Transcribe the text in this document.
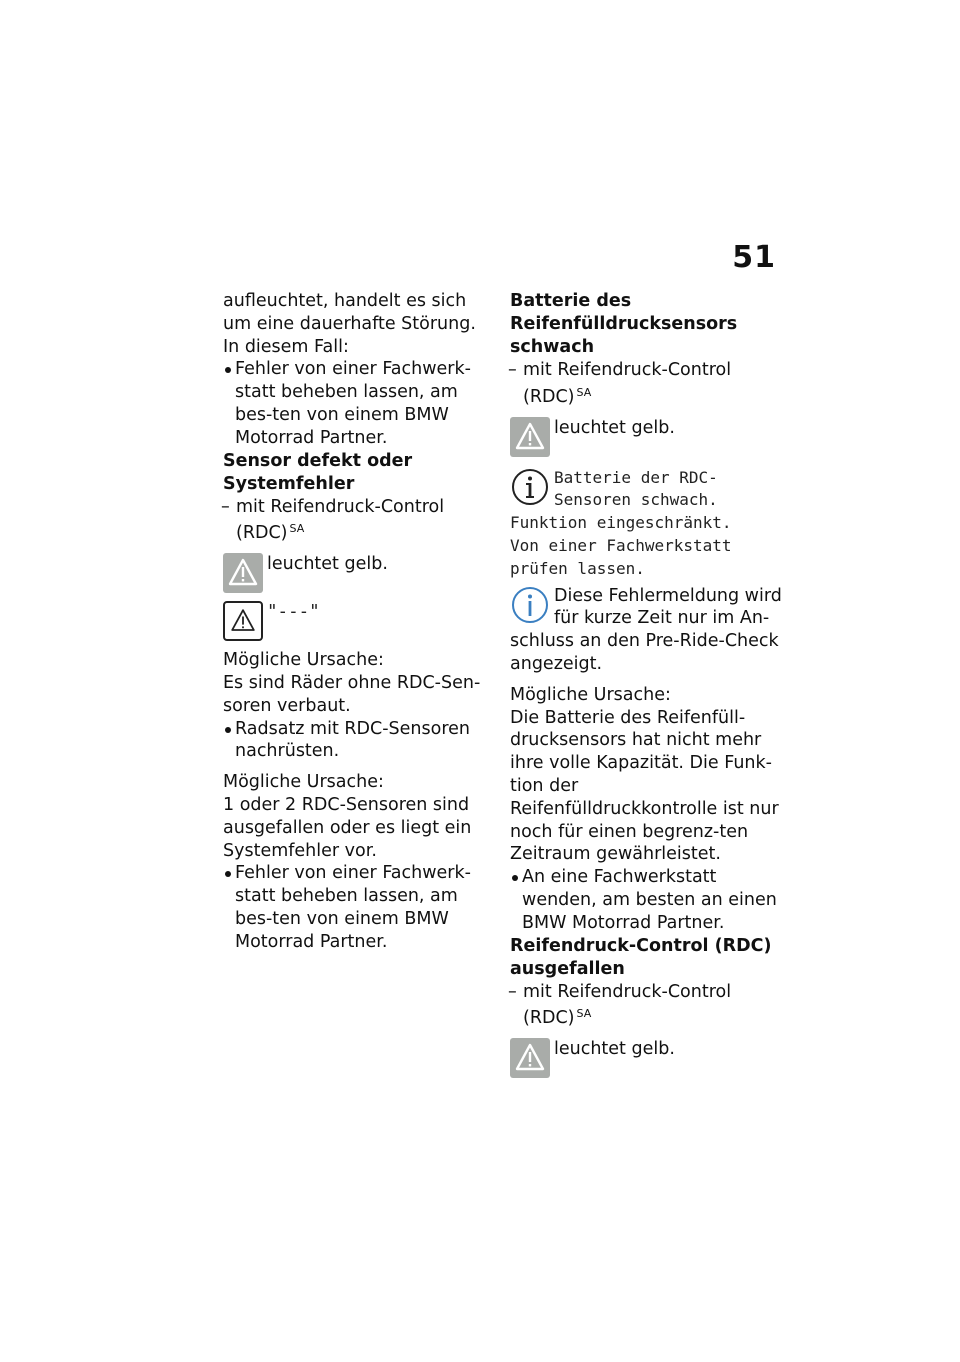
51

aufleuchtet, handelt es sich um eine dauerhafte Störung.

In diesem Fall:

Fehler von einer Fachwerk-statt beheben lassen, am bes-ten von einem BMW Motorrad Partner.

Sensor defekt oder Systemfehler

– mit Reifendruck-Control (RDC) $^{SA}$
leuchtet gelb.
"---"

Mögliche Ursache:

Es sind Räder ohne RDC-Sen-soren verbaut.

Radsatz mit RDC-Sensoren nachrüsten.

Mögliche Ursache:

1 oder 2 RDC-Sensoren sind ausgefallen oder es liegt ein Systemfehler vor.

Fehler von einer Fachwerk-statt beheben lassen, am bes-ten von einem BMW Motorrad Partner.

Batterie des Reifenfülldrucksensors schwach

– mit Reifendruck-Control (RDC) $^{SA}$
leuchtet gelb.
Batterie der RDC-
Sensoren schwach.
Funktion eingeschränkt.
Von einer Fachwerkstatt
prüfen lassen.
Diese Fehlermeldung wird
für kurze Zeit nur im An-

schluss an den Pre-Ride-Check angezeigt.

Mögliche Ursache:

Die Batterie des Reifenfüll-drucksensors hat nicht mehr ihre volle Kapazität. Die Funk-tion der Reifenfülldruckkontrolle ist nur noch für einen begrenz-ten Zeitraum gewährleistet.

An eine Fachwerkstatt wenden, am besten an einen BMW Motorrad Partner.

Reifendruck-Control (RDC) ausgefallen

– mit Reifendruck-Control (RDC) $^{SA}$
leuchtet gelb.
